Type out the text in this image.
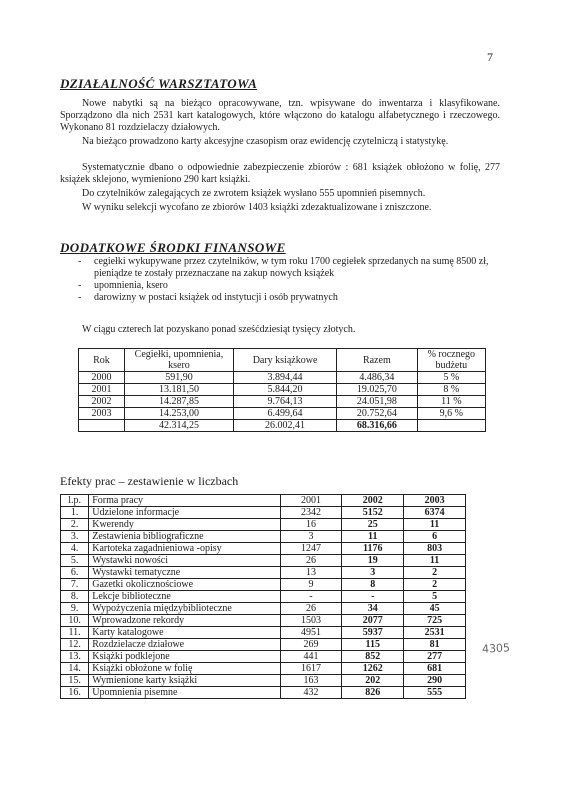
7
DZIAŁALNOŚĆ WARSZTATOWA
Nowe nabytki są na bieżąco opracowywane, tzn. wpisywane do inwentarza i klasyfikowane. Sporządzono dla nich 2531 kart katalogowych, które włączono do katalogu alfabetycznego i rzeczowego. Wykonano 81 rozdzielaczy działowych.
Na bieżąco prowadzono karty akcesyjne czasopism oraz ewidencję czytelniczą i statystykę.
Systematycznie dbano o odpowiednie zabezpieczenie zbiorów : 681 książek obłożono w folię, 277 książek sklejono, wymieniono 290 kart książki.
Do czytelników zalegających ze zwrotem książek wysłano 555 upomnień pisemnych.
W wyniku selekcji wycofano ze zbiorów 1403 książki zdezaktualizowane i zniszczone.
DODATKOWE ŚRODKI FINANSOWE
- cegiełki wykupywane przez czytelników, w tym roku 1700 cegiełek sprzedanych na sumę 8500 zł, pieniądze te zostały przeznaczane na zakup nowych książek
- upomnienia, ksero
- darowizny w postaci książek od instytucji i osób prywatnych
W ciągu czterech lat pozyskano ponad sześćdziesiąt tysięcy złotych.
Rok	Cegiełki, upomnienia, ksero	Dary książkowe	Razem	% rocznego budżetu
2000	591,90	3.894,44	4.486,34	5 %
2001	13.181,50	5.844,20	19.025,70	8 %
2002	14.287,85	9.764,13	24.051,98	11 %
2003	14.253,00	6.499,64	20.752,64	9,6 %
	42.314,25	26.002,41	68.316,66	
Efekty prac – zestawienie w liczbach
l.p.	Forma pracy	2001	2002	2003
1.	Udzielone informacje	2342	5152	6374
2.	Kwerendy	16	25	11
3.	Zestawienia bibliograficzne	3	11	6
4.	Kartoteka zagadnieniowa -opisy	1247	1176	803
5.	Wystawki nowości	26	19	11
6.	Wystawki tematyczne	13	3	2
7.	Gazetki okolicznościowe	9	8	2
8.	Lekcje biblioteczne	-	-	5
9.	Wypożyczenia międzybiblioteczne	26	34	45
10.	Wprowadzone rekordy	1503	2077	725
11.	Karty katalogowe	4951	5937	2531
12.	Rozdzielacze działowe	269	115	81
13.	Książki podklejone	441	852	277
14.	Książki obłożone w folię	1617	1262	681
15.	Wymienione karty książki	163	202	290
16.	Upomnienia pisemne	432	826	555
4305
